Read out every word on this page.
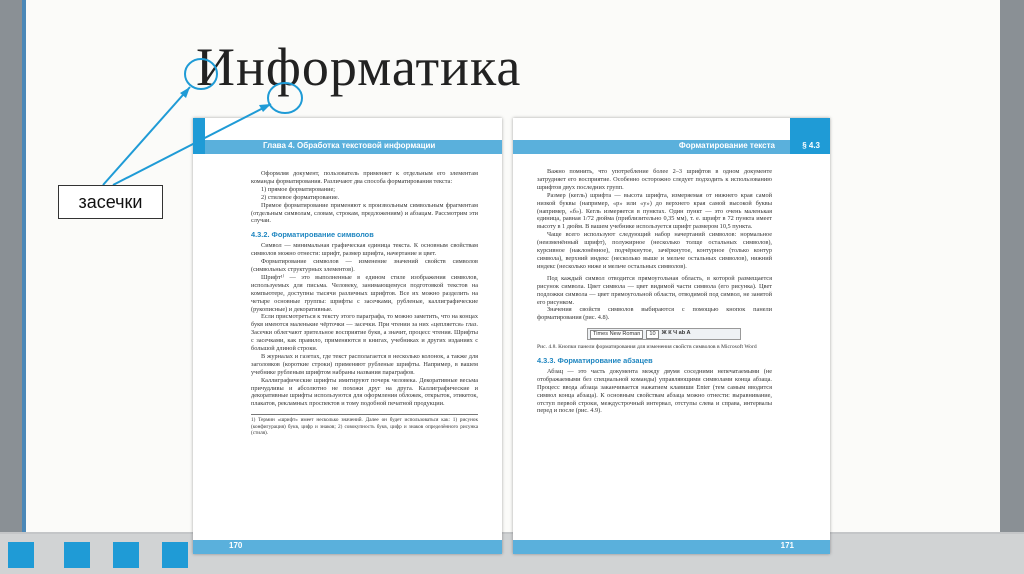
Информатика
Глава 4. Обработка текстовой информации

Оформляя документ, пользователь применяет к отдельным его элементам команды форматирования. Различают два способа форматирования текста:

1) прямое форматирование;

2) стилевое форматирование.

Прямое форматирование применяют к произвольным символьным фрагментам (отдельным символам, словам, строкам, предложениям) и абзацам. Рассмотрим эти случаи.

4.3.2. Форматирование символов

Символ — минимальная графическая единица текста. К основным свойствам символов можно отнести: шрифт, размер шрифта, начертание и цвет.

Форматирование символов — изменение значений свойств символов (символьных структурных элементов).

Шрифт¹⁾ — это выполненные в едином стиле изображения символов, используемых для письма. Человеку, занимающемуся подготовкой текстов на компьютере, доступны тысячи различных шрифтов. Все их можно разделить на четыре основные группы: шрифты с засечками, рубленые, каллиграфические (рукописные) и декоративные.

Если присмотреться к тексту этого параграфа, то можно заметить, что на концах букв имеются маленькие чёрточки — засечки. При чтении за них «цепляется» глаз. Засечки облегчают зрительное восприятие букв, а значит, процесс чтения. Шрифты с засечками, как правило, применяются в книгах, учебниках и других изданиях с большой длиной строки.

В журналах и газетах, где текст располагается в несколько колонок, а также для заголовков (короткие строки) применяют рубленые шрифты. Например, в вашем учебнике рубленым шрифтом набраны названия параграфов.

Каллиграфические шрифты имитируют почерк человека. Декоративные весьма причудливы и абсолютно не похожи друг на друга. Каллиграфические и декоративные шрифты используются для оформления обложек, открыток, этикеток, плакатов, рекламных проспектов и тому подобной печатной продукции.

1) Термин «шрифт» имеет несколько значений. Далее он будет использоваться как: 1) рисунок (конфигурация) букв, цифр и знаков; 2) совокупность букв, цифр и знаков определённого рисунка (стиля).
170
Форматирование текста	§ 4.3

Важно помнить, что употребление более 2–3 шрифтов в одном документе затрудняет его восприятие. Особенно осторожно следует подходить к использованию шрифтов двух последних групп.

Размер (кегль) шрифта — высота шрифта, измеряемая от нижнего края самой низкой буквы (например, «р» или «у») до верхнего края самой высокой буквы (например, «б»). Кегль измеряется в пунктах. Один пункт — это очень маленькая единица, равная 1/72 дюйма (приблизительно 0,35 мм), т. е. шрифт в 72 пункта имеет высоту в 1 дюйм. В вашем учебнике используется шрифт размером 10,5 пункта.

Чаще всего используют следующий набор начертаний символов: нормальное (неизменённый шрифт), полужирное (несколько толще остальных символов), курсивное (наклонённое), подчёркнутое, зачёркнутое, контурное (только контур символа), верхний индекс (несколько выше и мельче остальных символов), нижний индекс (несколько ниже и мельче остальных символов).

Под каждый символ отводится прямоугольная область, в которой размещается рисунок символа. Цвет символа — цвет видимой части символа (его рисунка). Цвет подложки символа — цвет прямоугольной области, отводимой под символ, не занятой его рисунком.

Значения свойств символов выбираются с помощью кнопок панели форматирования (рис. 4.8).

Times New Roman	10	Ж К Ч ab A

Рис. 4.8. Кнопки панели форматирования для изменения свойств символов в Microsoft Word

4.3.3. Форматирование абзацев

Абзац — это часть документа между двумя соседними непечатаемыми (не отображаемыми без специальной команды) управляющими символами конца абзаца. Процесс ввода абзаца заканчивается нажатием клавиши Enter (тем самым вводится символ конца абзаца). К основным свойствам абзаца можно отнести: выравнивание, отступ первой строки, междустрочный интервал, отступы слева и справа, интервалы перед и после (рис. 4.9).

171
засечки
